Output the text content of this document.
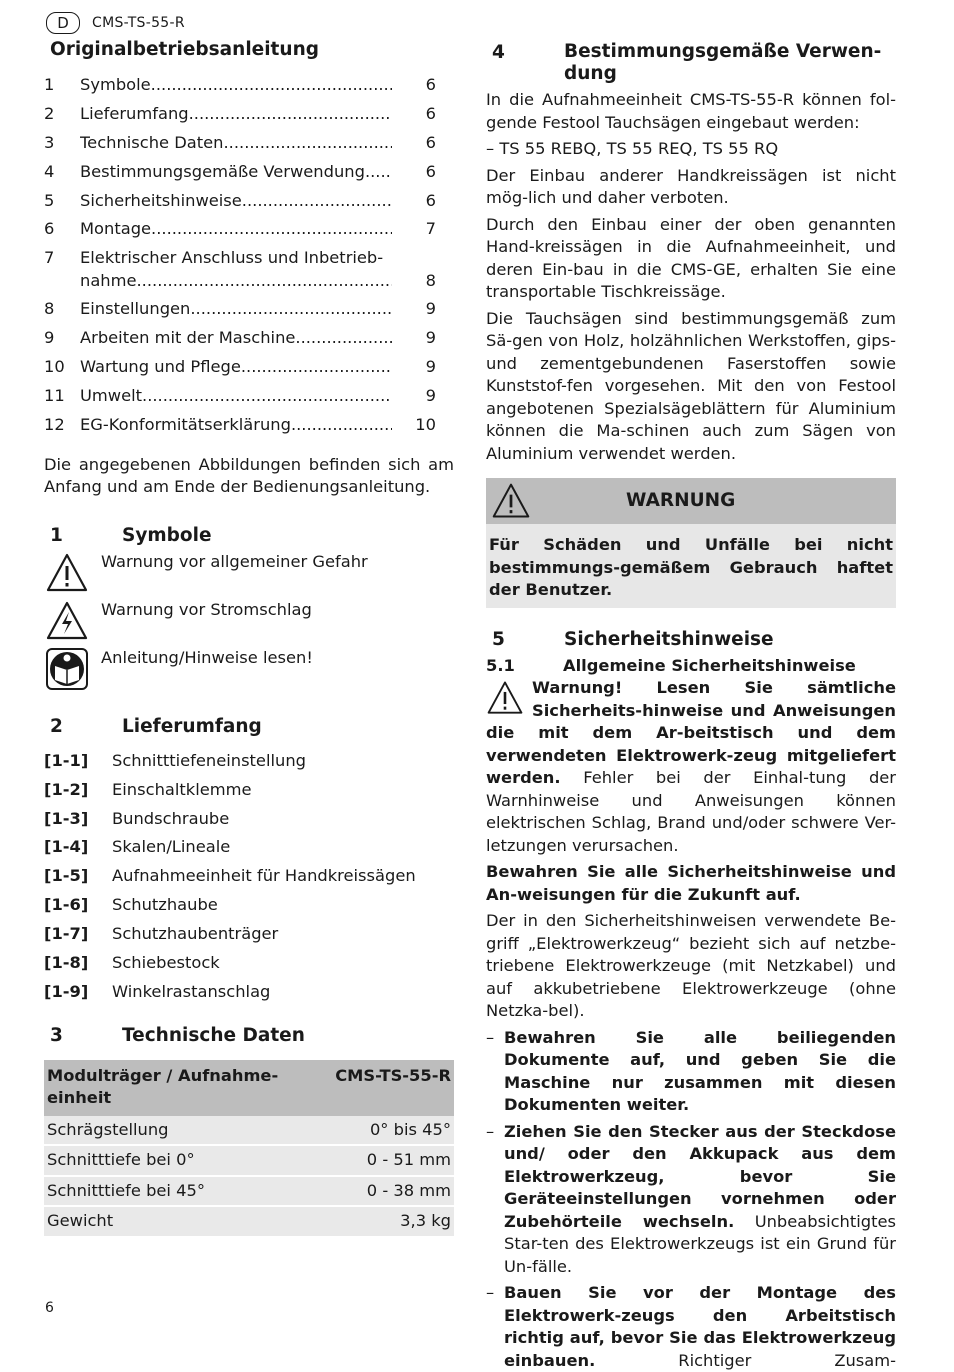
D	CMS-TS-55-R
Originalbetriebsanleitung
1	Symbole .....	6
2	Lieferumfang .....	6
3	Technische Daten .....	6
4	Bestimmungsgemäße Verwendung .....	6
5	Sicherheitshinweise .....	6
6	Montage .....	7
7	Elektrischer Anschluss und Inbetrieb-
nahme
.....	8
8	Einstellungen .....	9
9	Arbeiten mit der Maschine .....	9
10 Wartung und Pflege .....	9
11 Umwelt .....	9
12 EG-Konformitätserklärung .....	10

Die angegebenen Abbildungen befinden sich am Anfang und am Ende der Bedienungsanleitung.

1	Symbole
Warnung vor allgemeiner Gefahr
Warnung vor Stromschlag
Anleitung/Hinweise lesen!
2	Lieferumfang
[1-1]	Schnitttiefeneinstellung
[1-2]	Einschaltklemme
[1-3]	Bundschraube
[1-4]	Skalen/Lineale
[1-5]	Aufnahmeeinheit für Handkreissägen
[1-6]	Schutzhaube
[1-7]	Schutzhaubenträger
[1-8]	Schiebestock
[1-9]	Winkelrastanschlag
3	Technische Daten
Modulträger / Aufnahme-einheit	CMS-TS-55-R
Schrägstellung	0° bis 45°
Schnitttiefe bei 0°	0 - 51 mm
Schnitttiefe bei 45°	0 - 38 mm
Gewicht	3,3 kg
4	Bestimmungsgemäße Verwen-dung

In die Aufnahmeeinheit CMS-TS-55-R können fol-gende Festool Tauchsägen eingebaut werden:

– TS 55 REBQ, TS 55 REQ, TS 55 RQ

Der Einbau anderer Handkreissägen ist nicht mög-lich und daher verboten.

Durch den Einbau einer der oben genannten Hand-kreissägen in die Aufnahmeeinheit, und deren Ein-bau in die CMS-GE, erhalten Sie eine transportable Tischkreissäge.

Die Tauchsägen sind bestimmungsgemäß zum Sä-gen von Holz, holzähnlichen Werkstoffen, gips- und zementgebundenen Faserstoffen sowie Kunststof-fen vorgesehen. Mit den von Festool angebotenen Spezialsägeblättern für Aluminium können die Ma-schinen auch zum Sägen von Aluminium verwendet werden.

WARNUNG

Für Schäden und Unfälle bei nicht bestimmungs-gemäßem Gebrauch haftet der Benutzer.

5	Sicherheitshinweise
5.1	Allgemeine Sicherheitshinweise

Warnung! Lesen Sie sämtliche Sicherheits-hinweise und Anweisungen die mit dem Ar-beitstisch und dem verwendeten Elektrowerk-zeug mitgeliefert werden. Fehler bei der Einhal-tung der Warnhinweise und Anweisungen können elektrischen Schlag, Brand und/oder schwere Ver-letzungen verursachen.

Bewahren Sie alle Sicherheitshinweise und An-weisungen für die Zukunft auf.

Der in den Sicherheitshinweisen verwendete Be-griff „Elektrowerkzeug“ bezieht sich auf netzbe-triebene Elektrowerkzeuge (mit Netzkabel) und auf akkubetriebene Elektrowerkzeuge (ohne Netzka-bel).

– Bewahren Sie alle beiliegenden Dokumente auf, und geben Sie die Maschine nur zusammen mit diesen Dokumenten weiter.

– Ziehen Sie den Stecker aus der Steckdose und/ oder den Akkupack aus dem Elektrowerkzeug, bevor Sie Geräteeinstellungen vornehmen oder Zubehörteile wechseln. Unbeabsichtigtes Star-ten des Elektrowerkzeugs ist ein Grund für Un-fälle.

– Bauen Sie vor der Montage des Elektrowerk-zeugs den Arbeitstisch richtig auf, bevor Sie das Elektrowerkzeug einbauen. Richtiger Zusam-

6
